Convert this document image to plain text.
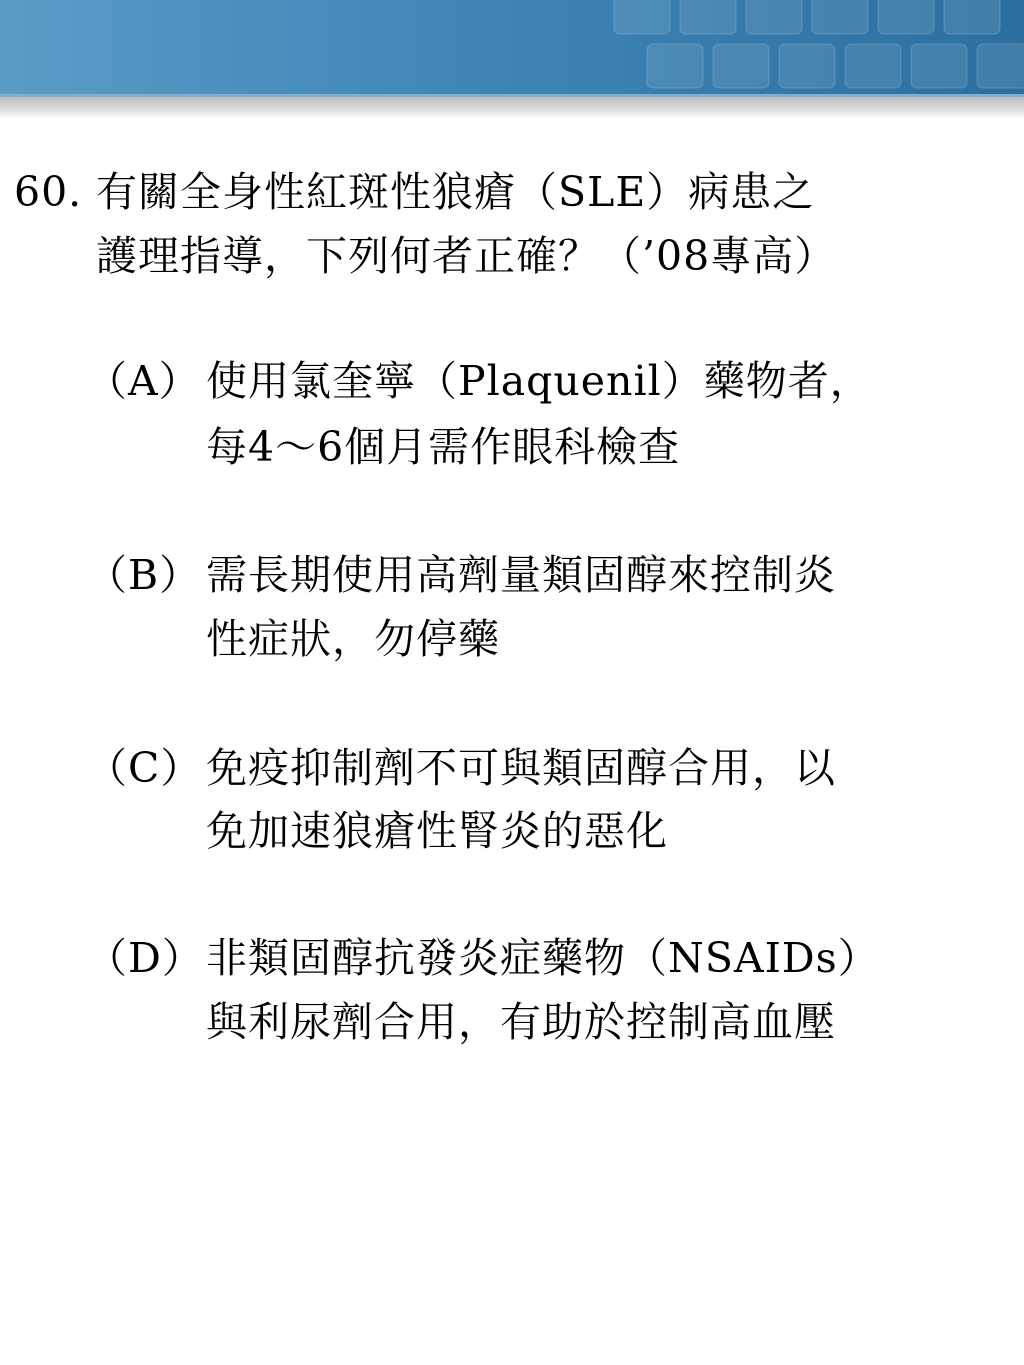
60. 有關全身性紅斑性狼瘡（SLE）病患之
護理指導，下列何者正確？（’08專高）
（A） 使用氯奎寧（Plaquenil）藥物者，
每4～6個月需作眼科檢查
（B） 需長期使用高劑量類固醇來控制炎
性症狀，勿停藥
（C） 免疫抑制劑不可與類固醇合用，以
免加速狼瘡性腎炎的惡化
（D） 非類固醇抗發炎症藥物（NSAIDs）
與利尿劑合用，有助於控制高血壓
